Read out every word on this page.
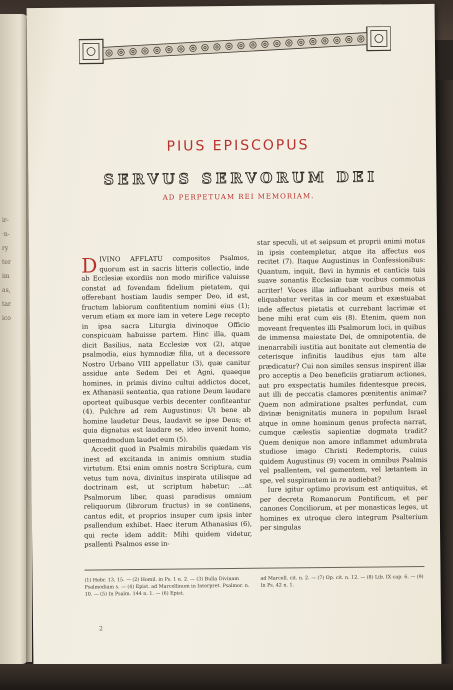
ir-
·n-
ry
ter
im
as,
tar
ico
PIUS EPISCOPUS
SERVUS SERVORUM DEI
AD PERPETUAM REI MEMORIAM.
D IVINO AFFLATU compositos Psalmos, quorum est in sacris litteris collectio, inde ab Ecclesiæ exordiis non modo mirifice valuisse constat ad fovendam fidelium pietatem, qui offerebant hostiam laudis semper Deo, id est, fructum labiorum confitentium nomini eius (1); verum etiam ex more iam in vetere Lege recepto in ipsa sacra Liturgia divinoque Officio conspicuam habuisse partem. Hinc illa, quam dicit Basilius, nata Ecclesiæ vox (2), atque psalmodia, eius hymnodiæ filia, ut a decessore Nostro Urbano VIII appellatur (3), quæ canitur assidue ante Sedem Dei et Agni, quaeque homines, in primis divino cultui addictos docet, ex Athanasii sententia, qua ratione Deum laudare oporteat quibusque verbis decenter confiteantur (4). Pulchre ad rem Augustinus: Ut bene ab homine laudetur Deus, laudavit se ipse Deus; et quia dignatus est laudare se, ideo invenit homo, quemadmodum laudet eum (5).

Accedit quod in Psalmis mirabilis quædam vis inest ad excitanda in animis omnium studia virtutum. Etsi enim omnis nostra Scriptura, cum vetus tum nova, divinitus inspirata utilisque ad doctrinam est, ut scriptum habetur; ...at Psalmorum liber, quasi paradisus omnium reliquorum (librorum fructus) in se continens, cantus edit, et proprios insuper cum ipsis inter psallendum exhibet. Haec iterum Athanasius (6), qui recte idem addit: Mihi quidem videtur, psallenti Psalmos esse in-

star speculi, ut et seipsum et proprii animi motus in ipsis contempletur, atque ita affectus eos recitet (7). Itaque Augustinus in Confessionibus: Quantum, inquit, flevi in hymnis et canticis tuis suave sonantis Ecclesiæ tuæ vocibus commotus acriter! Voces illæ influebant auribus meis et eliquabatur veritas in cor meum et exæstuabat inde affectus pietatis et currebant lacrimæ et bene mihi erat cum eis (8). Etenim, quem non moveant frequentes illi Psalmorum loci, in quibus de immensa maiestate Dei, de omnipotentia, de inenarrabili iustitia aut bonitate aut clementia de ceterisque infinitis laudibus ejus tam alte prædicatur? Cui non similes sensus inspirent illæ pro acceptis a Deo beneficiis gratiarum actiones, aut pro exspectatis humiles fidentesque preces, aut illi de peccatis clamores pœnitentis animæ? Quem non admiratione psaltes perfundat, cum divinæ benignitatis munera in populum Israel atque in omne hominum genus profecta narrat, cumque cælestis sapientiæ dogmata tradit? Quem denique non amore inflammet adumbrata studiose imago Christi Redemptoris, cuius quidem Augustinus (9) vocem in omnibus Psalmis vel psallentem, vel gementem, vel lætantem in spe, vel suspirantem in re audiebat?

Iure igitur optimo provisum est antiquitus, et per decreta Romanorum Pontificum, et per canones Conciliorum, et per monasticas leges, ut homines ex utroque clero integrum Psalterium per singulas

(1) Hebr. 13, 15. — (2) Homil. in Ps. 1 n. 2. — (3) Bulla Divinam Psalmodiam s. — (4) Epist. ad Marcellinum in Interpret. Psalmor. n. 10. — (5) In Psalm. 144 n. 1. — (6) Epist.
ad Marcell. cit. n. 2. — (7) Op. cit. n. 12. — (8) Lib. IX cap. 6. — (9) In Ps. 42 n. 1.
2
